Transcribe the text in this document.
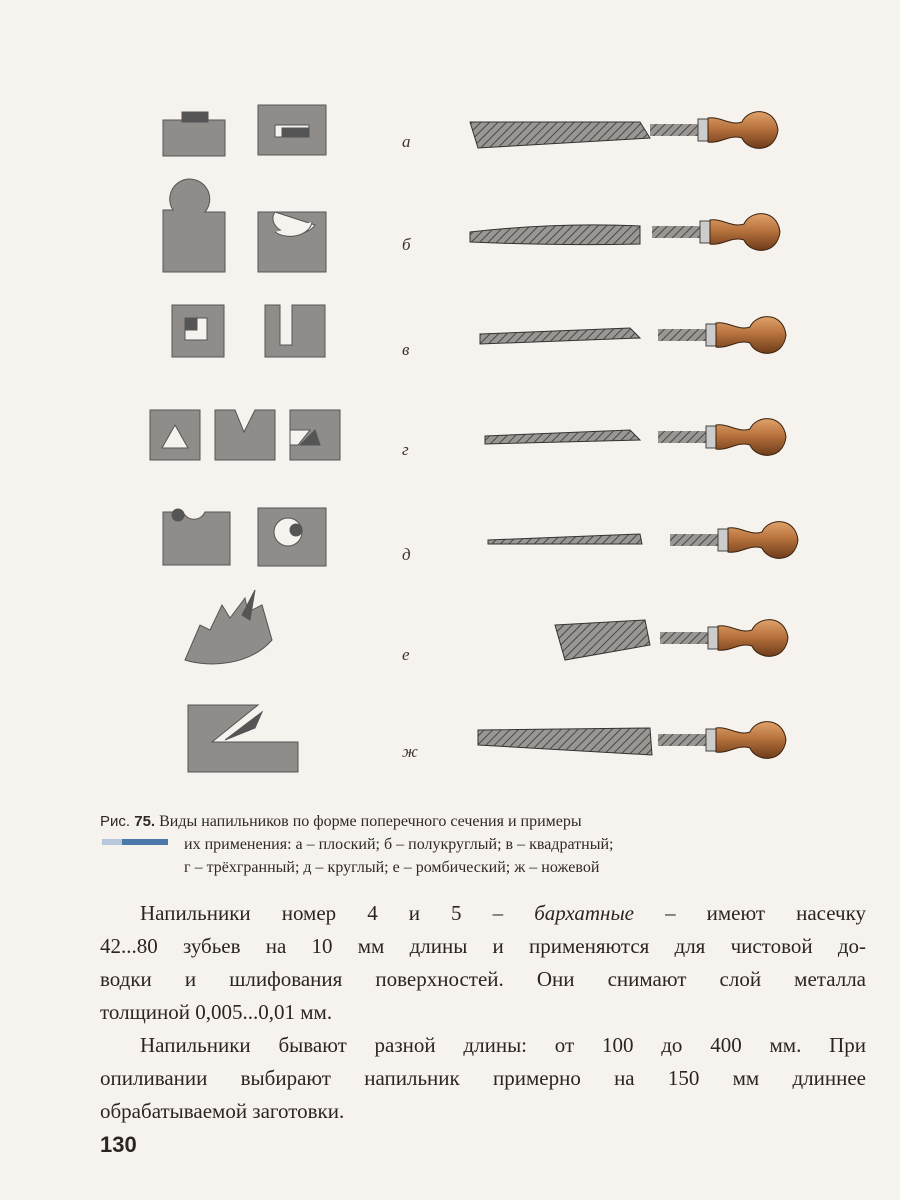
а
б
в
г
д
е
ж
Рис. 75. Виды напильников по форме поперечного сечения и примеры
их применения: а – плоский; б – полукруглый; в – квадратный;
г – трёхгранный; д – круглый; е – ромбический; ж – ножевой
Напильники номер 4 и 5 – бархатные – имеют насечку
42...80 зубьев на 10 мм длины и применяются для чистовой до-
водки и шлифования поверхностей. Они снимают слой металла
толщиной 0,005...0,01 мм.
Напильники бывают разной длины: от 100 до 400 мм. При
опиливании выбирают напильник примерно на 150 мм длиннее
обрабатываемой заготовки.
130
